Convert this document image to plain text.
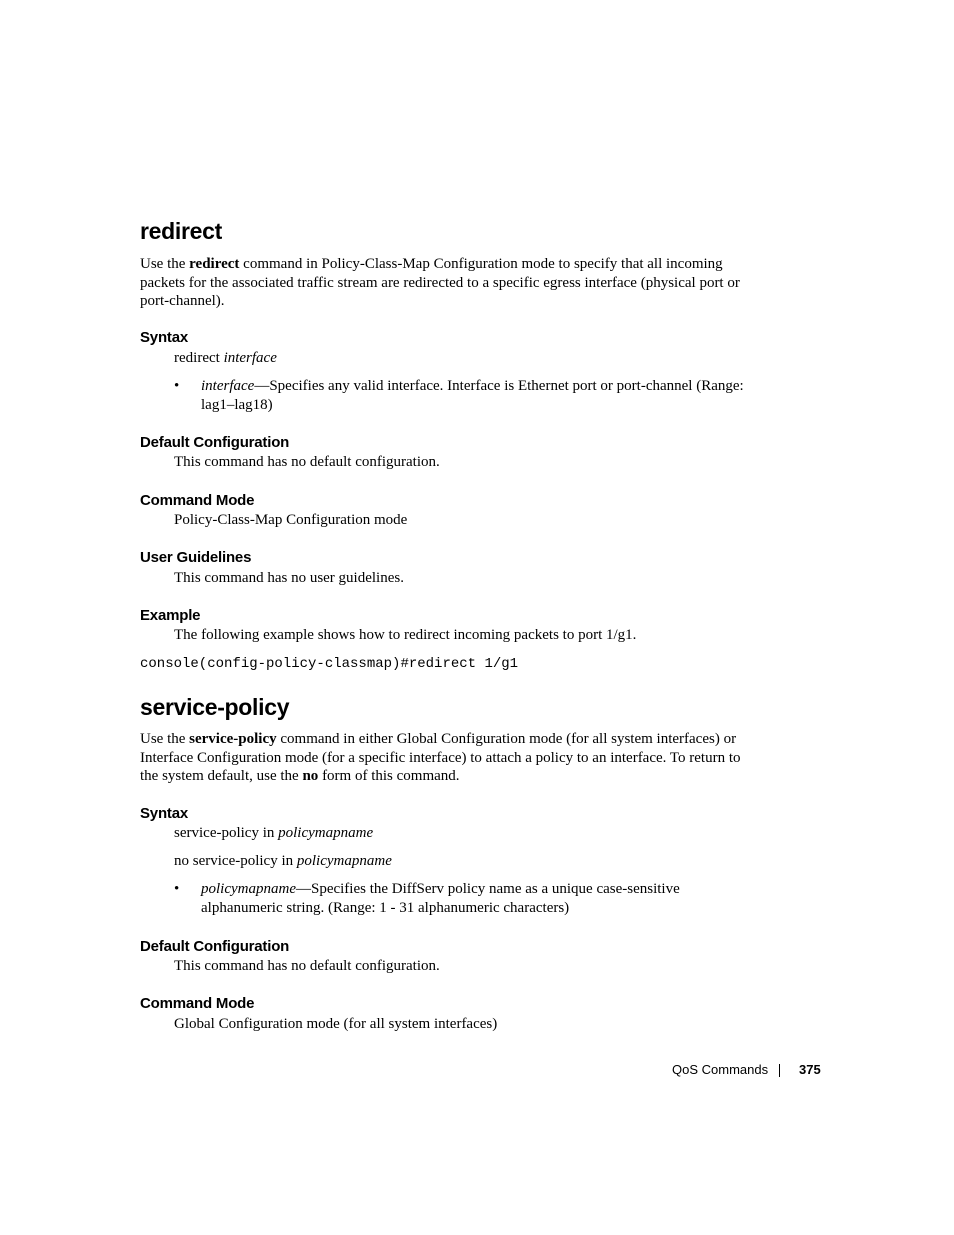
redirect

Use the redirect command in Policy-Class-Map Configuration mode to specify that all incoming packets for the associated traffic stream are redirected to a specific egress interface (physical port or port-channel).

Syntax

redirect interface

• interface—Specifies any valid interface. Interface is Ethernet port or port-channel (Range: lag1–lag18)

Default Configuration

This command has no default configuration.

Command Mode

Policy-Class-Map Configuration mode

User Guidelines

This command has no user guidelines.

Example

The following example shows how to redirect incoming packets to port 1/g1.

console(config-policy-classmap)#redirect 1/g1

service-policy

Use the service-policy command in either Global Configuration mode (for all system interfaces) or Interface Configuration mode (for a specific interface) to attach a policy to an interface. To return to the system default, use the no form of this command.

Syntax

service-policy in policymapname

no service-policy in policymapname

• policymapname—Specifies the DiffServ policy name as a unique case-sensitive alphanumeric string. (Range: 1 - 31 alphanumeric characters)

Default Configuration

This command has no default configuration.

Command Mode

Global Configuration mode (for all system interfaces)

QoS Commands 375
